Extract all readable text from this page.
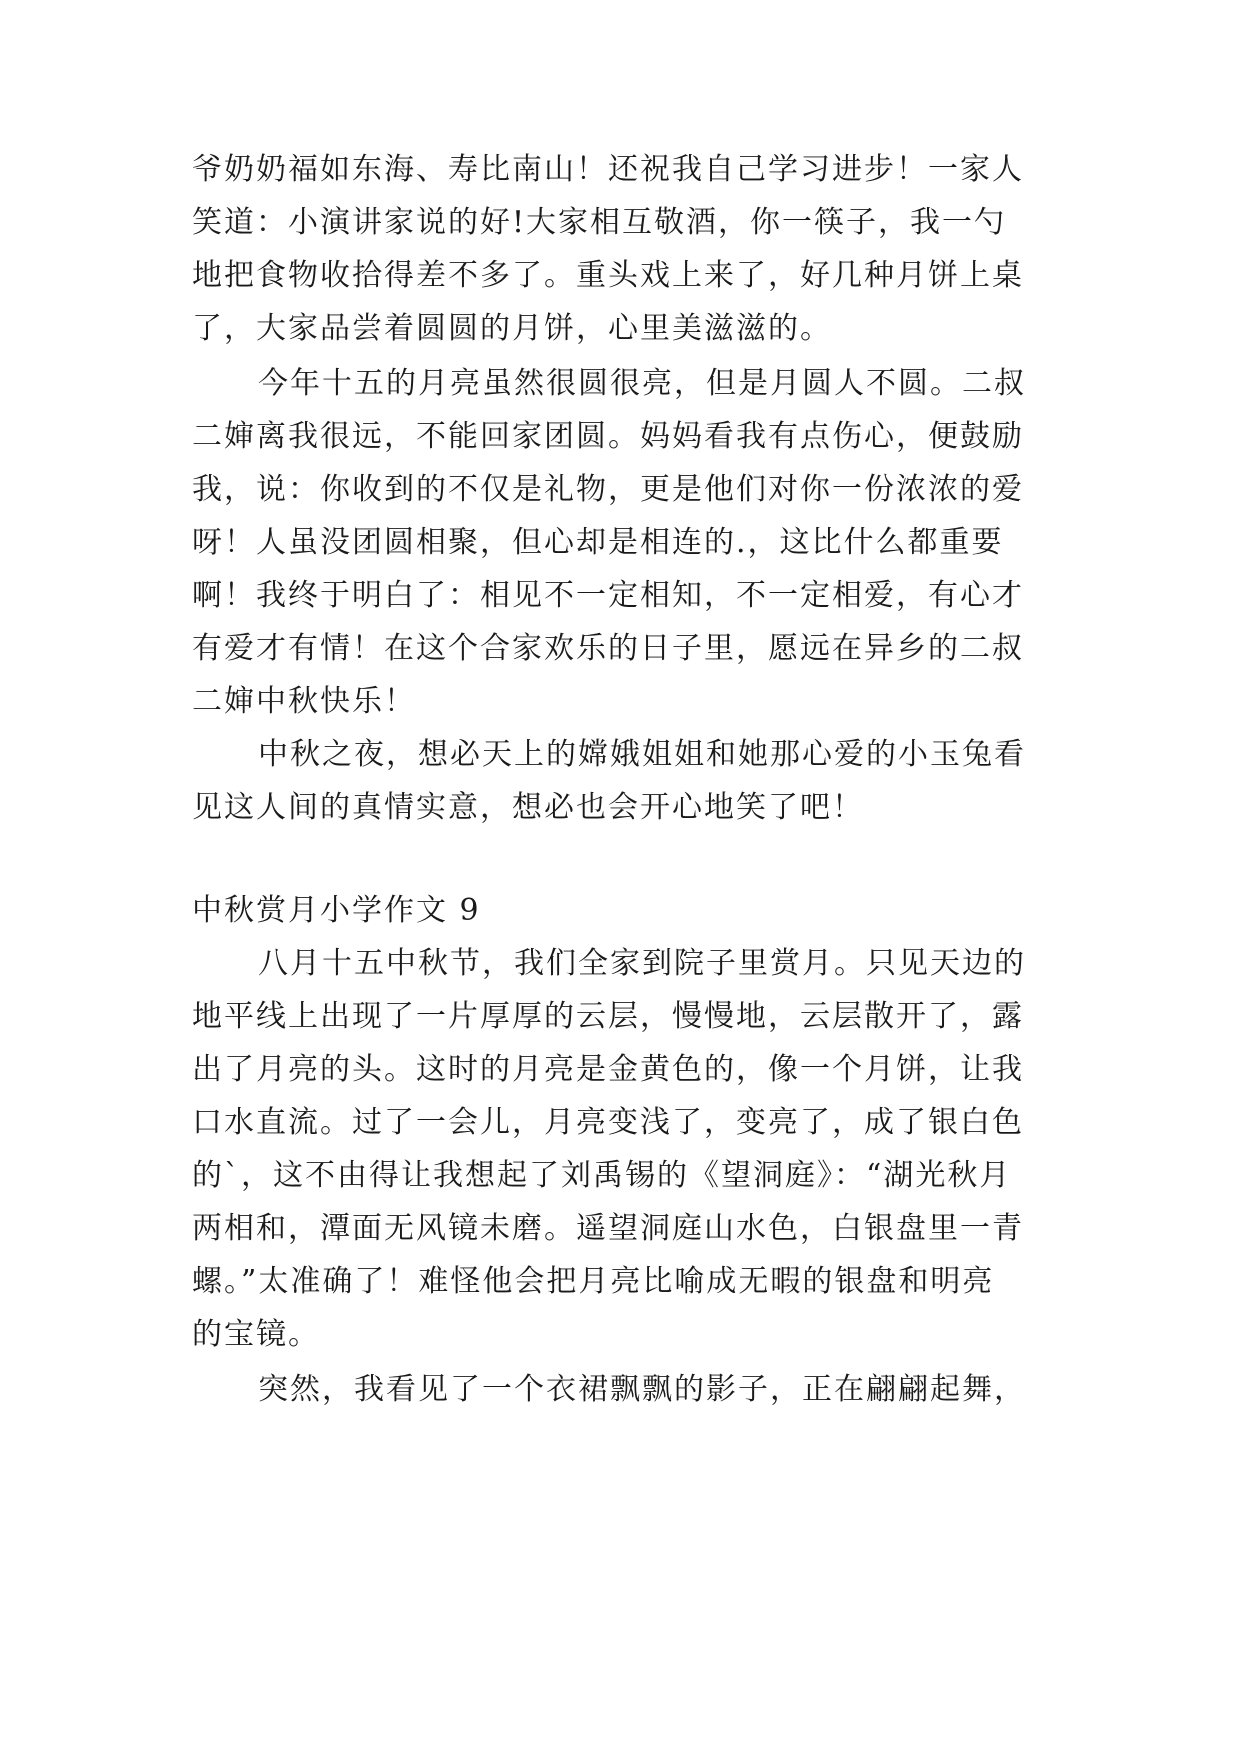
爷奶奶福如东海、寿比南山！还祝我自己学习进步！一家人
笑道：小演讲家说的好!大家相互敬酒，你一筷子，我一勺
地把食物收拾得差不多了。重头戏上来了，好几种月饼上桌
了，大家品尝着圆圆的月饼，心里美滋滋的。
今年十五的月亮虽然很圆很亮，但是月圆人不圆。二叔
二婶离我很远，不能回家团圆。妈妈看我有点伤心，便鼓励
我，说：你收到的不仅是礼物，更是他们对你一份浓浓的爱
呀！人虽没团圆相聚，但心却是相连的.，这比什么都重要
啊！我终于明白了：相见不一定相知，不一定相爱，有心才
有爱才有情！在这个合家欢乐的日子里，愿远在异乡的二叔
二婶中秋快乐！
中秋之夜，想必天上的嫦娥姐姐和她那心爱的小玉兔看
见这人间的真情实意，想必也会开心地笑了吧！
中秋赏月小学作文 9
八月十五中秋节，我们全家到院子里赏月。只见天边的
地平线上出现了一片厚厚的云层，慢慢地，云层散开了，露
出了月亮的头。这时的月亮是金黄色的，像一个月饼，让我
口水直流。过了一会儿，月亮变浅了，变亮了，成了银白色
的`，这不由得让我想起了刘禹锡的《望洞庭》：“湖光秋月
两相和，潭面无风镜未磨。遥望洞庭山水色，白银盘里一青
螺。”太准确了！难怪他会把月亮比喻成无暇的银盘和明亮
的宝镜。
突然，我看见了一个衣裙飘飘的影子，正在翩翩起舞，
